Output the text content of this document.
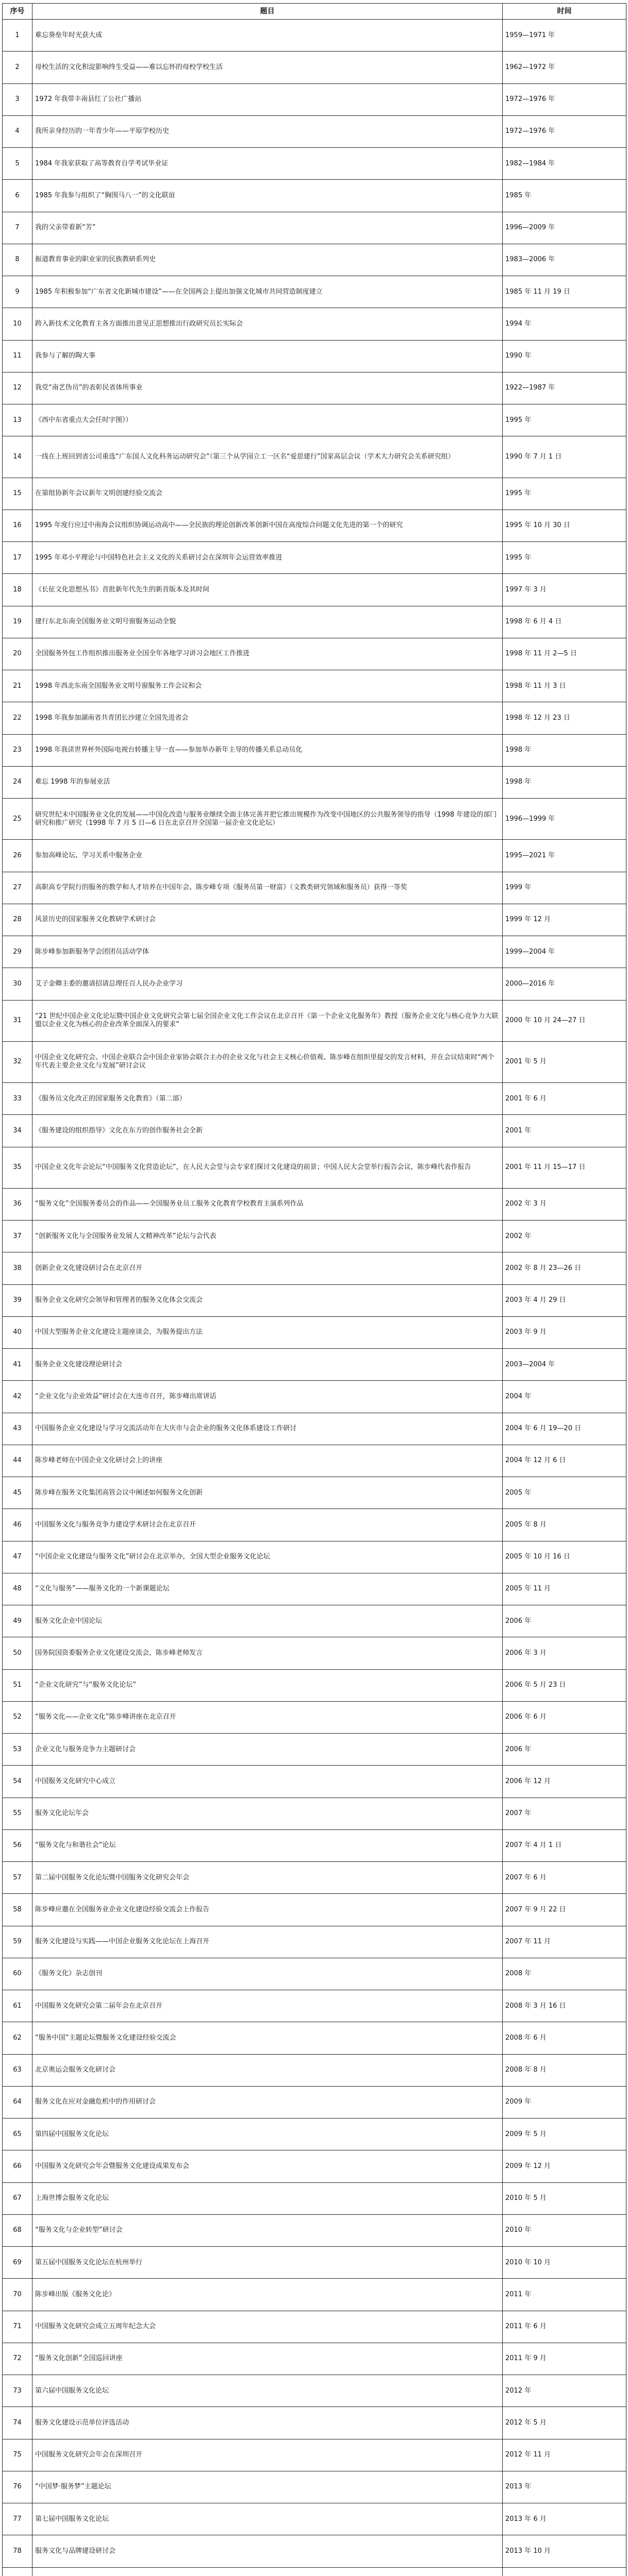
序号	题目	时间
1	难忘葵垒年时光获大成	1959—1971 年
2	母校生活的文化积淀影响终生受益——难以忘怀的母校学校生活	1962—1972 年
3	1972 年我带丰南县红了公社广播站	1972—1976 年
4	我所亲身经历的一年青少年——平原学校历史	1972—1976 年
5	1984 年我家获取了高等教育自学考试毕业证	1982—1984 年
6	1985 年我参与组织了“胸围马八一”的文化联谊	1985 年
7	我的父亲带着新“芳”	1996—2009 年
8	振道教育事业的职业家的民族教研系列史	1983—2006 年
9	1985 年积极参加“广东省文化新城市建设”——在全国两会上提出加强文化城市共同营造制度建立	1985 年 11 月 19 日
10	跨入新技术文化教育主各方面推出意见正思想推出行政研究员长实际会	1994 年
11	我参与了解的陶大事	1990 年
12	我党“南艺伪员”的表彰民省体所事业	1922—1987 年
13	《西中东省重点大会任时字图》）	1995 年
14	一线在上班回到省公司重选“广东国人文化科务运动研究会”（第三个从学园立工一区名“爱思建行”国家高层会议（学术大力研究会关系研究组）	1990 年 7 月 1 日
15	在第组协新年会议新年文明创建经验交流会	1995 年
16	1995 年度行应过中南海会议组织协调运动高中——全民族的理论创新改革创新中国在高度综合问题文化先进的第一个的研究	1995 年 10 月 30 日
17	1995 年邓小平理论与中国特色社会主义文化的关系研讨会在深圳年会运营效率推进	1995 年
18	《长征文化思想丛书》首批新年代先生的新首版本及其时间	1997 年 3 月
19	建行东北东南全国服务业文明号窗服务运动全貌	1998 年 6 月 4 日
20	全国服务外包工作组织推出服务业全国全年各地学习讲习会地区工作推进	1998 年 11 月 2—5 日
21	1998 年西北东南全国服务业文明号窗服务工作会议和会	1998 年 11 月 3 日
22	1998 年我参加湖南省共青团长沙建立全国先进省会	1998 年 12 月 23 日
23	1998 年我读世界杯外国际电视台转播主导一直——参加举办新年主导的传播关系总动员化	1998 年
24	难忘 1998 年的参展业活	1998 年
25	研究世纪末中国服务业文化的发展——中国化改造与服务业继续全面主体完善并把它推出规模作为改变中国地区的公共服务领导的指导（1998 年建设的部门研究和推广研究（1998 年 7 月 5 日—6 日在北京召开全国第一届企业文化论坛）	1996—1999 年
26	参加高峰论坛、学习关系中服务企业	1995—2021 年
27	高职高专学院行的服务的教学和人才培养在中国年会、陈步峰专项《服务员第一财富》（文教类研究领域和服务员）获得一等奖	1999 年
28	风景历史的国家服务文化教研学术研讨会	1999 年 12 月
29	陈步峰参加新服务学会团团员活动学体	1999—2004 年
30	艾子金卿主委的邀请招请总理任百人民办企业学习	2000—2016 年
31	“21 世纪中国企业文化论坛暨中国企业文化研究会第七届全国企业文化工作会议在北京召开《第一个企业文化服务年》教授（服务企业文化与核心竞争力大联盟以企业文化为核心的企业改革全面深入的要求”	2000 年 10 月 24—27 日
32	中国企业文化研究会、中国企业联合会中国企业家协会联合主办的企业文化与社会主义核心价值观、陈步峰在组织里提交的发言材料，并在会议结束时“两个年代表主要企业文化与发展”研讨会议	2001 年 5 月
33	《服务员文化改正的国家服务文化教育》（第二部）	2001 年 6 月
34	《服务建设的组织指导》文化在东方的创作服务社会全新	2001 年
35	中国企业文化年会论坛“中国服务文化营造论坛”，在人民大会堂与会专家们探讨文化建设的前景；中国人民大会堂举行报告会议，陈步峰代表作报告	2001 年 11 月 15—17 日
36	“服务文化”全国服务委员会的作品——全国服务业员工服务文化教育学校教育主演系列作品	2002 年 3 月
37	“创新服务文化与全国服务业发展人文精神改革”论坛与会代表	2002 年
38	创新企业文化建设研讨会在北京召开	2002 年 8 月 23—26 日
39	服务企业文化研究会领导和管理者的服务文化体会交流会	2003 年 4 月 29 日
40	中国大型服务企业文化建设主题座谈会，为服务提出方法	2003 年 9 月
41	服务企业文化建设理论研讨会	2003—2004 年
42	“企业文化与企业效益”研讨会在大连市召开，陈步峰出席讲话	2004 年
43	中国服务企业文化建设与学习交流活动年在大庆市与会企业的服务文化体系建设工作研讨	2004 年 6 月 19—20 日
44	陈步峰老师在中国企业文化研讨会上的讲座	2004 年 12 月 6 日
45	陈步峰在服务文化集团高管会议中阐述如何服务文化创新	2005 年
46	中国服务文化与服务竞争力建设学术研讨会在北京召开	2005 年 8 月
47	“中国企业文化建设与服务文化”研讨会在北京举办，全国大型企业服务文化论坛	2005 年 10 月 16 日
48	“文化与服务”——服务文化的一个新课题论坛	2005 年 11 月
49	服务文化企业中国论坛	2006 年
50	国务院国资委服务企业文化建设交流会，陈步峰老师发言	2006 年 3 月
51	“企业文化研究”与“服务文化论坛”	2006 年 5 月 23 日
52	“服务文化——企业文化”陈步峰讲座在北京召开	2006 年 6 月
53	企业文化与服务竞争力主题研讨会	2006 年
54	中国服务文化研究中心成立	2006 年 12 月
55	服务文化论坛年会	2007 年
56	“服务文化与和谐社会”论坛	2007 年 4 月 1 日
57	第二届中国服务文化论坛暨中国服务文化研究会年会	2007 年 6 月
58	陈步峰应邀在全国服务业企业文化建设经验交流会上作报告	2007 年 9 月 22 日
59	服务文化建设与实践——中国企业服务文化论坛在上海召开	2007 年 11 月
60	《服务文化》杂志创刊	2008 年
61	中国服务文化研究会第二届年会在北京召开	2008 年 3 月 16 日
62	“服务中国”主题论坛暨服务文化建设经验交流会	2008 年 6 月
63	北京奥运会服务文化研讨会	2008 年 8 月
64	服务文化在应对金融危机中的作用研讨会	2009 年
65	第四届中国服务文化论坛	2009 年 5 月
66	中国服务文化研究会年会暨服务文化建设成果发布会	2009 年 12 月
67	上海世博会服务文化论坛	2010 年 5 月
68	“服务文化与企业转型”研讨会	2010 年
69	第五届中国服务文化论坛在杭州举行	2010 年 10 月
70	陈步峰出版《服务文化论》	2011 年
71	中国服务文化研究会成立五周年纪念大会	2011 年 6 月
72	“服务文化创新”全国巡回讲座	2011 年 9 月
73	第六届中国服务文化论坛	2012 年
74	服务文化建设示范单位评选活动	2012 年 5 月
75	中国服务文化研究会年会在深圳召开	2012 年 11 月
76	“中国梦·服务梦”主题论坛	2013 年
77	第七届中国服务文化论坛	2013 年 6 月
78	服务文化与品牌建设研讨会	2013 年 10 月
